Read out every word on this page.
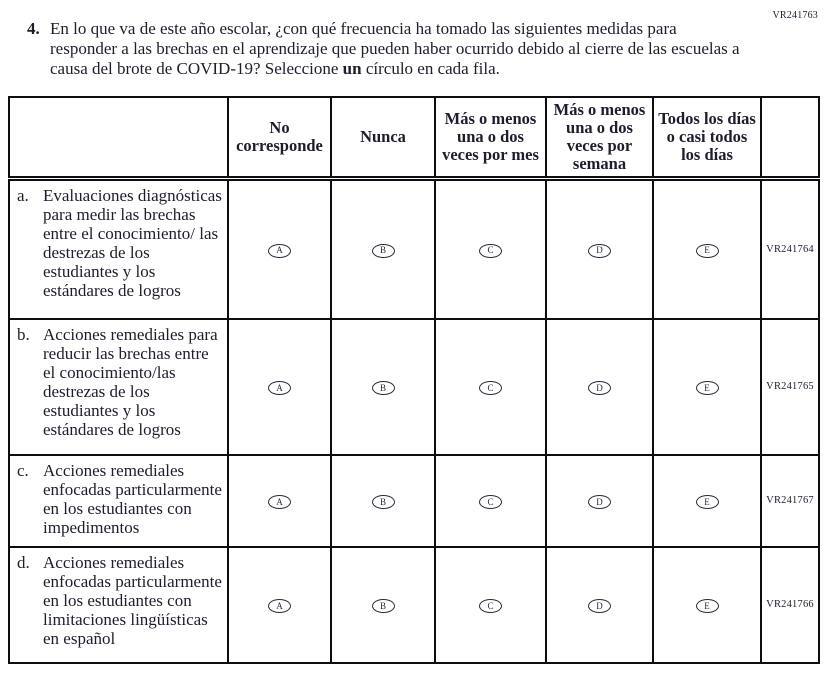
VR241763
4. En lo que va de este año escolar, ¿con qué frecuencia ha tomado las siguientes medidas para responder a las brechas en el aprendizaje que pueden haber ocurrido debido al cierre de las escuelas a causa del brote de COVID-19? Seleccione un círculo en cada fila.
	No corresponde	Nunca	Más o menos una o dos veces por mes	Más o menos una o dos veces por semana	Todos los días o casi todos los días	

a. Evaluaciones diagnósticas para medir las brechas entre el conocimiento/ las destrezas de los estudiantes y los estándares de logros	A	B	C	D	E	VR241764

b. Acciones remediales para reducir las brechas entre el conocimiento/las destrezas de los estudiantes y los estándares de logros	A	B	C	D	E	VR241765

c. Acciones remediales enfocadas particularmente en los estudiantes con impedimentos	A	B	C	D	E	VR241767

d. Acciones remediales enfocadas particularmente en los estudiantes con limitaciones lingüísticas en español	A	B	C	D	E	VR241766
